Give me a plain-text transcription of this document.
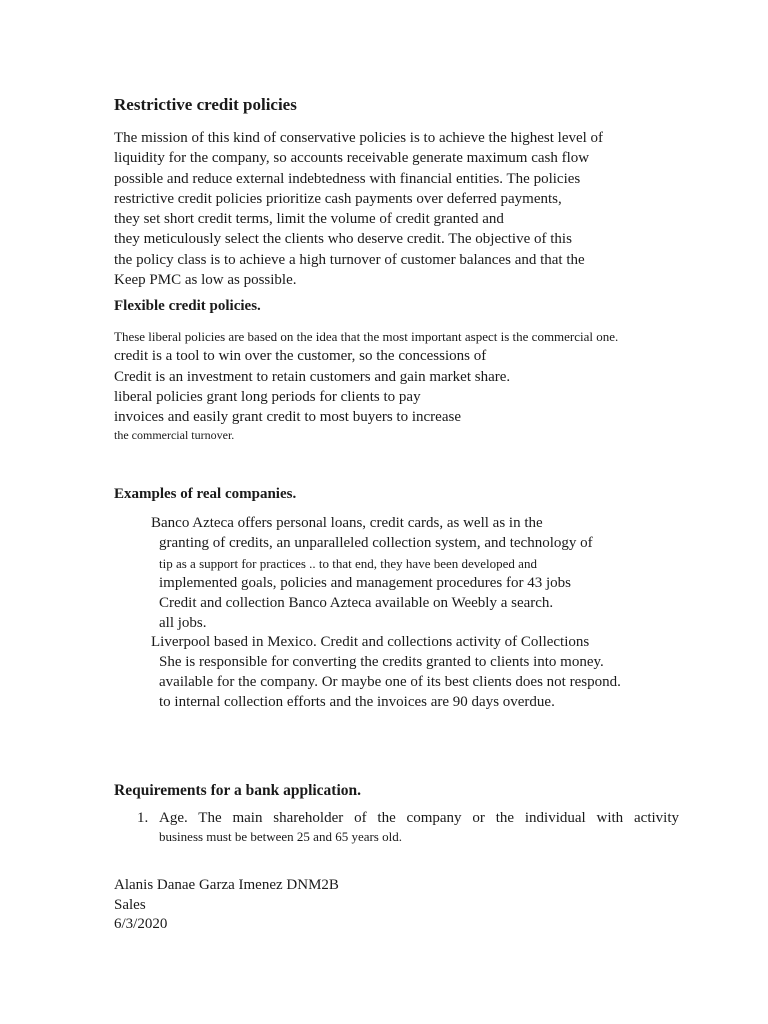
Restrictive credit policies
The mission of this kind of conservative policies is to achieve the highest level of
liquidity for the company, so accounts receivable generate maximum cash flow
possible and reduce external indebtedness with financial entities. The policies
restrictive credit policies prioritize cash payments over deferred payments,
they set short credit terms, limit the volume of credit granted and
they meticulously select the clients who deserve credit. The objective of this
the policy class is to achieve a high turnover of customer balances and that the
Keep PMC as low as possible.
Flexible credit policies.
These liberal policies are based on the idea that the most important aspect is the commercial one.
credit is a tool to win over the customer, so the concessions of
Credit is an investment to retain customers and gain market share.
liberal policies grant long periods for clients to pay
invoices and easily grant credit to most buyers to increase
the commercial turnover.
Examples of real companies.
Banco Azteca offers personal loans, credit cards, as well as in the
granting of credits, an unparalleled collection system, and technology of
tip as a support for practices .. to that end, they have been developed and
implemented goals, policies and management procedures for 43 jobs
Credit and collection Banco Azteca available on Weebly a search.
all jobs.
Liverpool based in Mexico. Credit and collections activity of Collections
She is responsible for converting the credits granted to clients into money.
available for the company. Or maybe one of its best clients does not respond.
to internal collection efforts and the invoices are 90 days overdue.
Requirements for a bank application.
1. Age. The main shareholder of the company or the individual with activity
business must be between 25 and 65 years old.
Alanis Danae Garza Imenez DNM2B
Sales
6/3/2020
